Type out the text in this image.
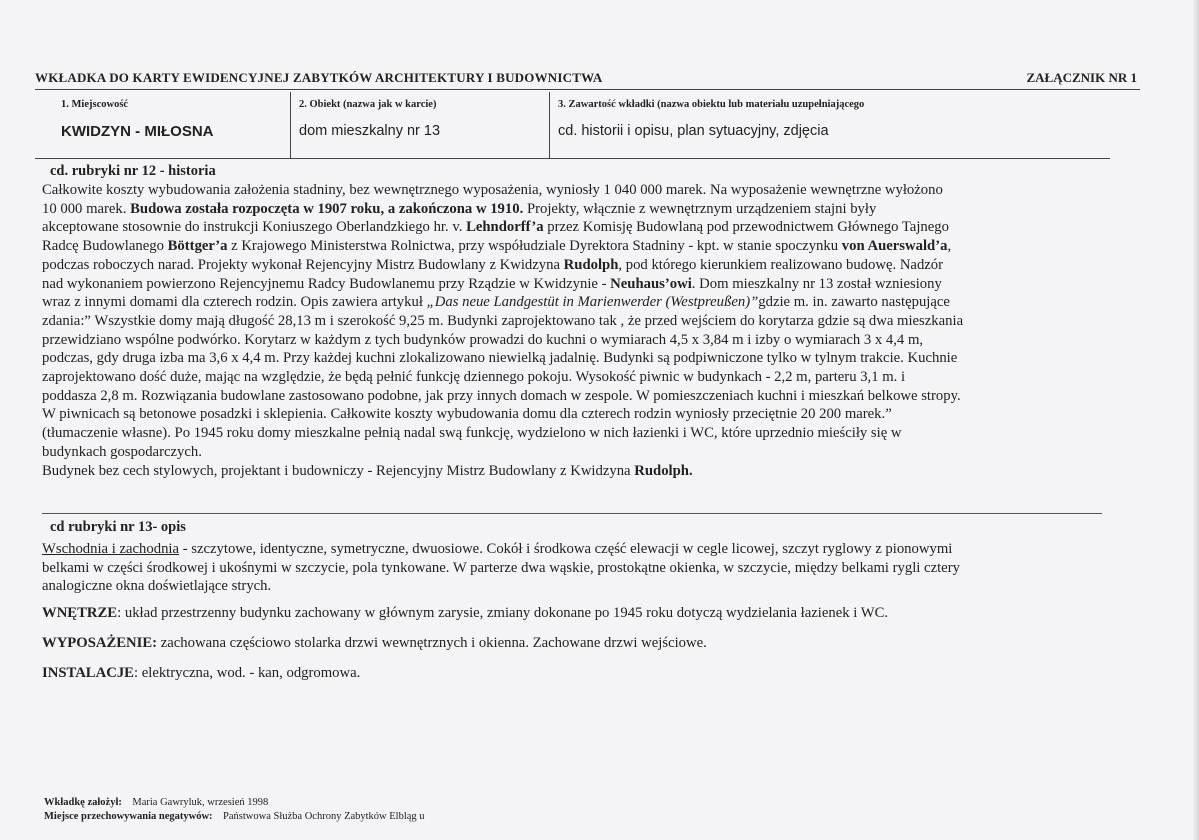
WKŁADKA DO KARTY EWIDENCYJNEJ ZABYTKÓW ARCHITEKTURY I BUDOWNICTWA	ZAŁĄCZNIK NR 1
1. Miejscowość
KWIDZYN - MIŁOSNA
2. Obiekt (nazwa jak w karcie)
dom mieszkalny nr 13
3. Zawartość wkładki (nazwa obiektu lub materiału uzupełniającego
cd. historii i opisu, plan sytuacyjny, zdjęcia
cd. rubryki nr 12 - historia

Całkowite koszty wybudowania założenia stadniny, bez wewnętrznego wyposażenia, wyniosły 1 040 000 marek. Na wyposażenie wewnętrzne wyłożono

10 000 marek. Budowa została rozpoczęta w 1907 roku, a zakończona w 1910. Projekty, włącznie z wewnętrznym urządzeniem stajni były

akceptowane stosownie do instrukcji Koniuszego Oberlandzkiego hr. v. Lehndorff’a przez Komisję Budowlaną pod przewodnictwem Głównego Tajnego

Radcę Budowlanego Böttger’a z Krajowego Ministerstwa Rolnictwa, przy współudziale Dyrektora Stadniny - kpt. w stanie spoczynku von Auerswald’a,

podczas roboczych narad. Projekty wykonał Rejencyjny Mistrz Budowlany z Kwidzyna Rudolph, pod którego kierunkiem realizowano budowę. Nadzór

nad wykonaniem powierzono Rejencyjnemu Radcy Budowlanemu przy Rządzie w Kwidzynie - Neuhaus’owi. Dom mieszkalny nr 13 został wzniesiony

wraz z innymi domami dla czterech rodzin. Opis zawiera artykuł „Das neue Landgestüt in Marienwerder (Westpreußen)”gdzie m. in. zawarto następujące

zdania:” Wszystkie domy mają długość 28,13 m i szerokość 9,25 m. Budynki zaprojektowano tak , że przed wejściem do korytarza gdzie są dwa mieszkania

przewidziano wspólne podwórko. Korytarz w każdym z tych budynków prowadzi do kuchni o wymiarach 4,5 x 3,84 m i izby o wymiarach 3 x 4,4 m,

podczas, gdy druga izba ma 3,6 x 4,4 m. Przy każdej kuchni zlokalizowano niewielką jadalnię. Budynki są podpiwniczone tylko w tylnym trakcie. Kuchnie

zaprojektowano dość duże, mając na względzie, że będą pełnić funkcję dziennego pokoju. Wysokość piwnic w budynkach - 2,2 m, parteru 3,1 m. i

poddasza 2,8 m. Rozwiązania budowlane zastosowano podobne, jak przy innych domach w zespole. W pomieszczeniach kuchni i mieszkań belkowe stropy.

W piwnicach są betonowe posadzki i sklepienia. Całkowite koszty wybudowania domu dla czterech rodzin wyniosły przeciętnie 20 200 marek.”

(tłumaczenie własne). Po 1945 roku domy mieszkalne pełnią nadal swą funkcję, wydzielono w nich łazienki i WC, które uprzednio mieściły się w

budynkach gospodarczych.

Budynek bez cech stylowych, projektant i budowniczy - Rejencyjny Mistrz Budowlany z Kwidzyna Rudolph.

cd rubryki nr 13- opis

Wschodnia i zachodnia - szczytowe, identyczne, symetryczne, dwuosiowe. Cokół i środkowa część elewacji w cegle licowej, szczyt ryglowy z pionowymi

belkami w części środkowej i ukośnymi w szczycie, pola tynkowane. W parterze dwa wąskie, prostokątne okienka, w szczycie, między belkami rygli cztery

analogiczne okna doświetlające strych.

WNĘTRZE: układ przestrzenny budynku zachowany w głównym zarysie, zmiany dokonane po 1945 roku dotyczą wydzielania łazienek i WC.

WYPOSAŻENIE: zachowana częściowo stolarka drzwi wewnętrznych i okienna. Zachowane drzwi wejściowe.

INSTALACJE: elektryczna, wod. - kan, odgromowa.

Wkładkę założył: Maria Gawryluk, wrzesień 1998
Miejsce przechowywania negatywów: Państwowa Służba Ochrony Zabytków Elbląg u
